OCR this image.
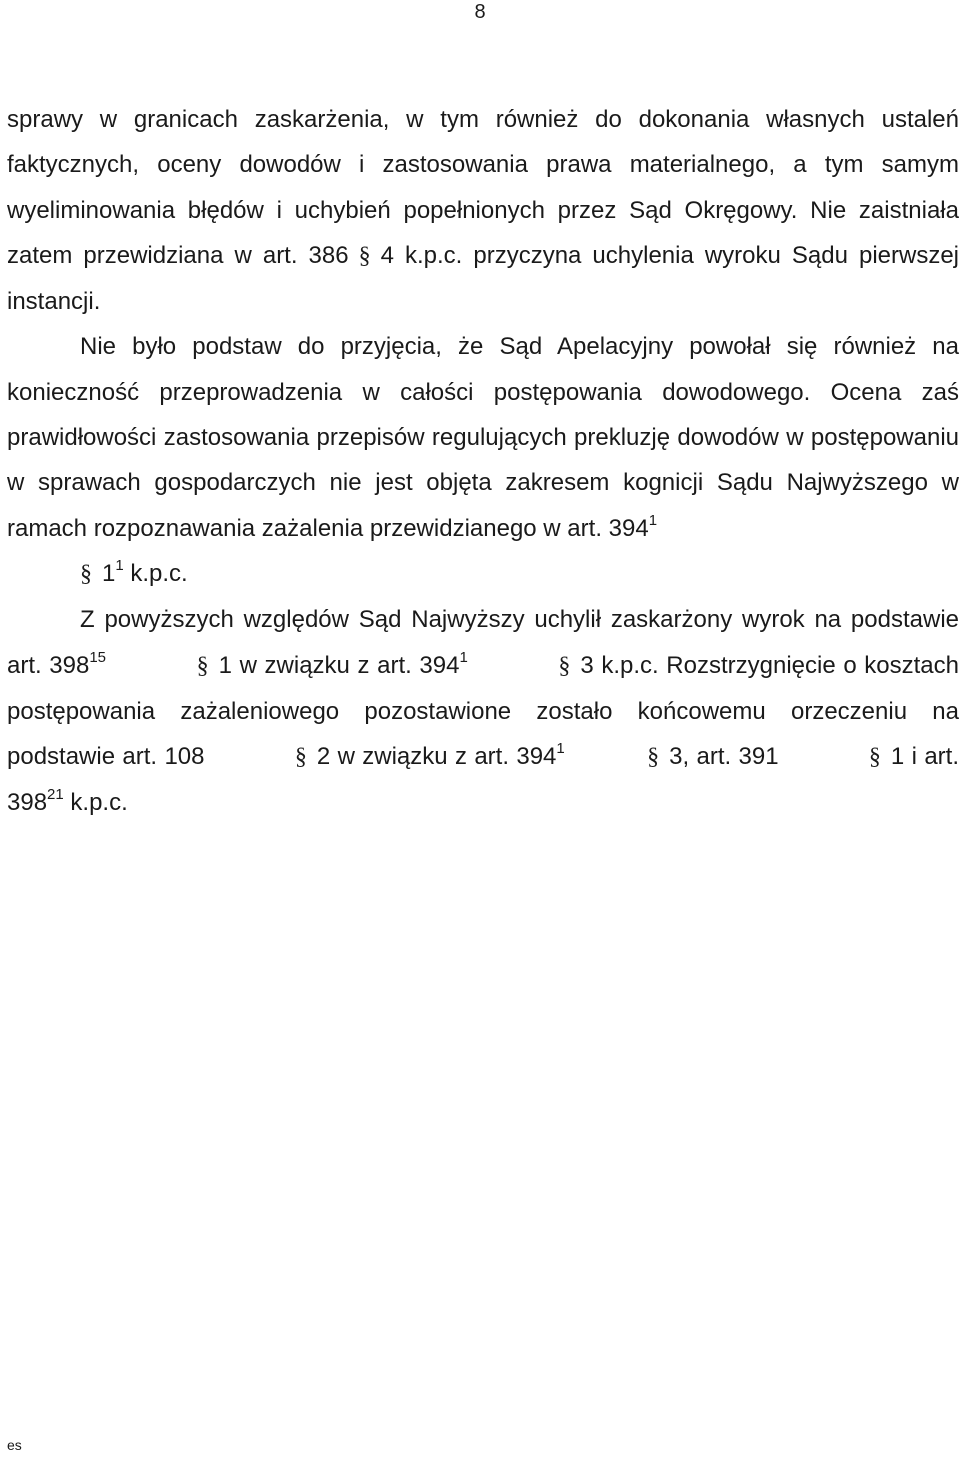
8

sprawy w granicach zaskarżenia, w tym również do dokonania własnych ustaleń faktycznych, oceny dowodów i zastosowania prawa materialnego, a tym samym wyeliminowania błędów i uchybień popełnionych przez Sąd Okręgowy. Nie zaistniała zatem przewidziana w art. 386 § 4 k.p.c. przyczyna uchylenia wyroku Sądu pierwszej instancji.

Nie było podstaw do przyjęcia, że Sąd Apelacyjny powołał się również na konieczność przeprowadzenia w całości postępowania dowodowego. Ocena zaś prawidłowości zastosowania przepisów regulujących prekluzję dowodów w postępowaniu w sprawach gospodarczych nie jest objęta zakresem kognicji Sądu Najwyższego w ramach rozpoznawania zażalenia przewidzianego w art. $394^1$
§ $1^1$ k.p.c.

Z powyższych względów Sąd Najwyższy uchylił zaskarżony wyrok na podstawie art. $398^{15}$	§ 1 w związku z art. $394^1$	§ 3 k.p.c. Rozstrzygnięcie o kosztach postępowania zażaleniowego pozostawione zostało końcowemu orzeczeniu na podstawie art. 108	§ 2 w związku z art. $394^1$	§ 3, art. 391	§ 1 i art. $398^{21}$ k.p.c.

es
